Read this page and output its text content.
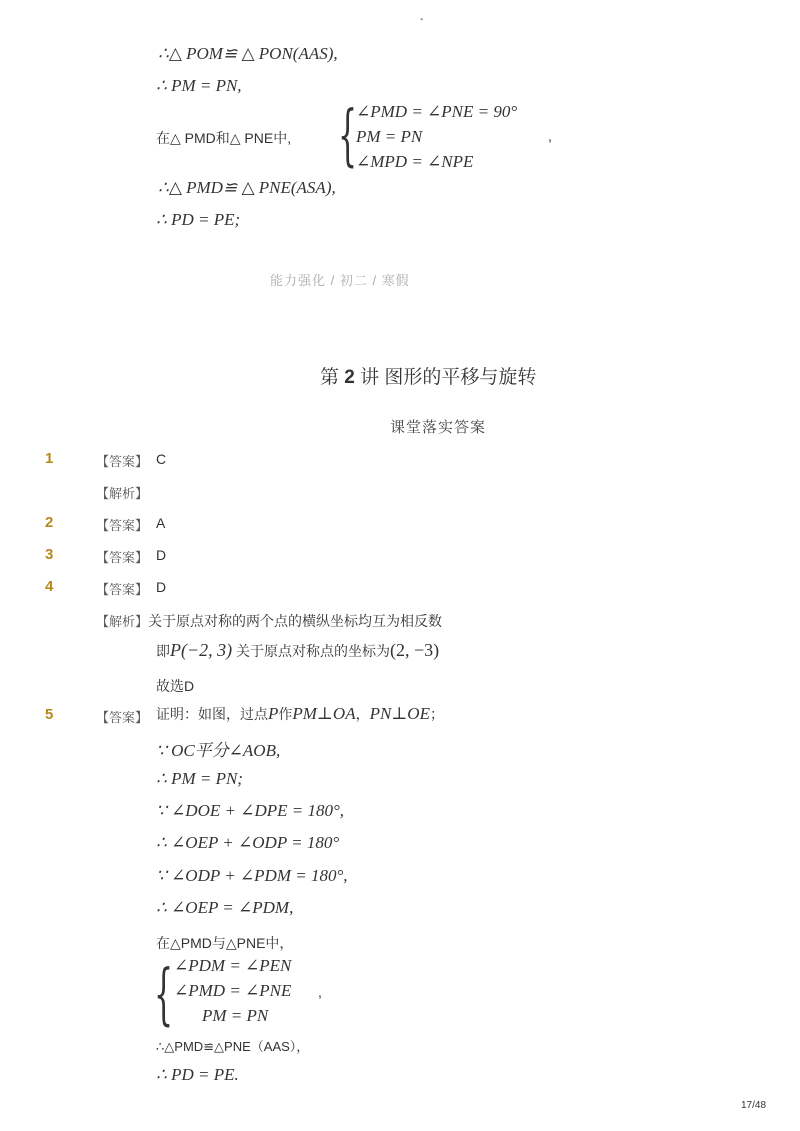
-
∴△ POM≌ △ PON(AAS),
∴ PM = PN,
在△ PMD和△ PNE中, {
∠PMD = ∠PNE = 90°
PM = PN
∠MPD = ∠NPE
,
∴△ PMD≌ △ PNE(ASA),
∴ PD = PE;
能力强化 / 初二 / 寒假
第 2 讲 图形的平移与旋转
课堂落实答案
1	【答案】 C
【解析】
2	【答案】 A
3	【答案】 D
4	【答案】 D
【解析】 关于原点对称的两个点的横纵坐标均互为相反数
即P(−2, 3) 关于原点对称点的坐标为(2, −3)
故选D
5	【答案】 证明：如图，过点P作PM⊥OA，PN⊥OE；
∵ OC平分∠AOB,
∴ PM = PN;
∵ ∠DOE + ∠DPE = 180°,
∴ ∠OEP + ∠ODP = 180°
∵ ∠ODP + ∠PDM = 180°,
∴ ∠OEP = ∠PDM,
在△PMD与△PNE中，
{ ∠PDM = ∠PEN
∠PMD = ∠PNE
PM = PN
,
∴△PMD≌△PNE（AAS），
∴ PD = PE.
17/48
